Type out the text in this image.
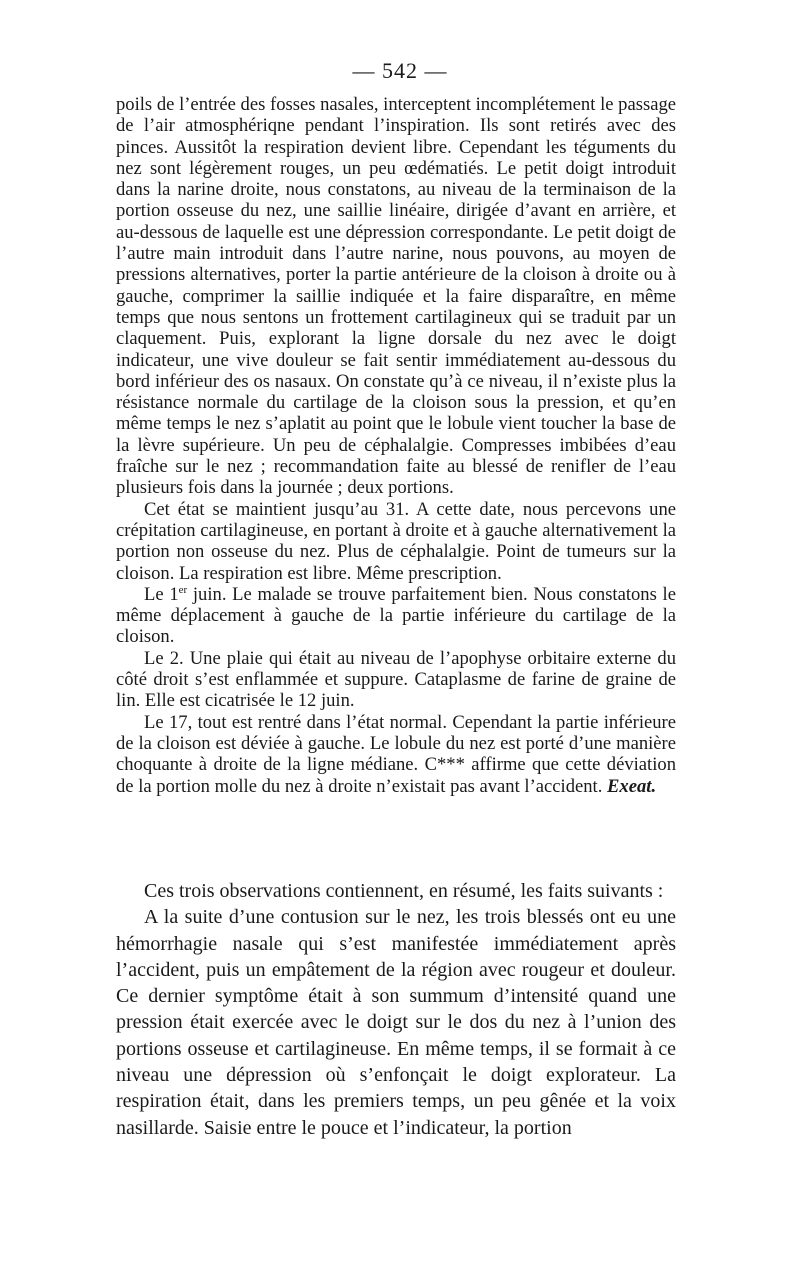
— 542 —

poils de l’entrée des fosses nasales, interceptent incomplétement le passage de l’air atmosphériqne pendant l’inspiration. Ils sont retirés avec des pinces. Aussitôt la respiration devient libre. Cependant les téguments du nez sont légèrement rouges, un peu œdématiés. Le petit doigt introduit dans la narine droite, nous constatons, au niveau de la terminaison de la portion osseuse du nez, une saillie linéaire, dirigée d’avant en arrière, et au-dessous de laquelle est une dépression correspondante. Le petit doigt de l’autre main introduit dans l’autre narine, nous pouvons, au moyen de pressions alternatives, porter la partie antérieure de la cloison à droite ou à gauche, comprimer la saillie indiquée et la faire disparaître, en même temps que nous sentons un frottement cartilagineux qui se traduit par un claquement. Puis, explorant la ligne dorsale du nez avec le doigt indicateur, une vive douleur se fait sentir immédiatement au-dessous du bord inférieur des os nasaux. On constate qu’à ce niveau, il n’existe plus la résistance normale du cartilage de la cloison sous la pression, et qu’en même temps le nez s’aplatit au point que le lobule vient toucher la base de la lèvre supérieure. Un peu de céphalalgie. Compresses imbibées d’eau fraîche sur le nez ; recommandation faite au blessé de renifler de l’eau plusieurs fois dans la journée ; deux portions.

Cet état se maintient jusqu’au 31. A cette date, nous percevons une crépitation cartilagineuse, en portant à droite et à gauche alternativement la portion non osseuse du nez. Plus de céphalalgie. Point de tumeurs sur la cloison. La respiration est libre. Même prescription.

Le 1er juin. Le malade se trouve parfaitement bien. Nous constatons le même déplacement à gauche de la partie inférieure du cartilage de la cloison.

Le 2. Une plaie qui était au niveau de l’apophyse orbitaire externe du côté droit s’est enflammée et suppure. Cataplasme de farine de graine de lin. Elle est cicatrisée le 12 juin.

Le 17, tout est rentré dans l’état normal. Cependant la partie inférieure de la cloison est déviée à gauche. Le lobule du nez est porté d’une manière choquante à droite de la ligne médiane. C*** affirme que cette déviation de la portion molle du nez à droite n’existait pas avant l’accident. Exeat.

Ces trois observations contiennent, en résumé, les faits suivants :

A la suite d’une contusion sur le nez, les trois blessés ont eu une hémorrhagie nasale qui s’est manifestée immédiatement après l’accident, puis un empâtement de la région avec rougeur et douleur. Ce dernier symptôme était à son summum d’intensité quand une pression était exercée avec le doigt sur le dos du nez à l’union des portions osseuse et cartilagineuse. En même temps, il se formait à ce niveau une dépression où s’enfonçait le doigt explorateur. La respiration était, dans les premiers temps, un peu gênée et la voix nasillarde. Saisie entre le pouce et l’indicateur, la portion
